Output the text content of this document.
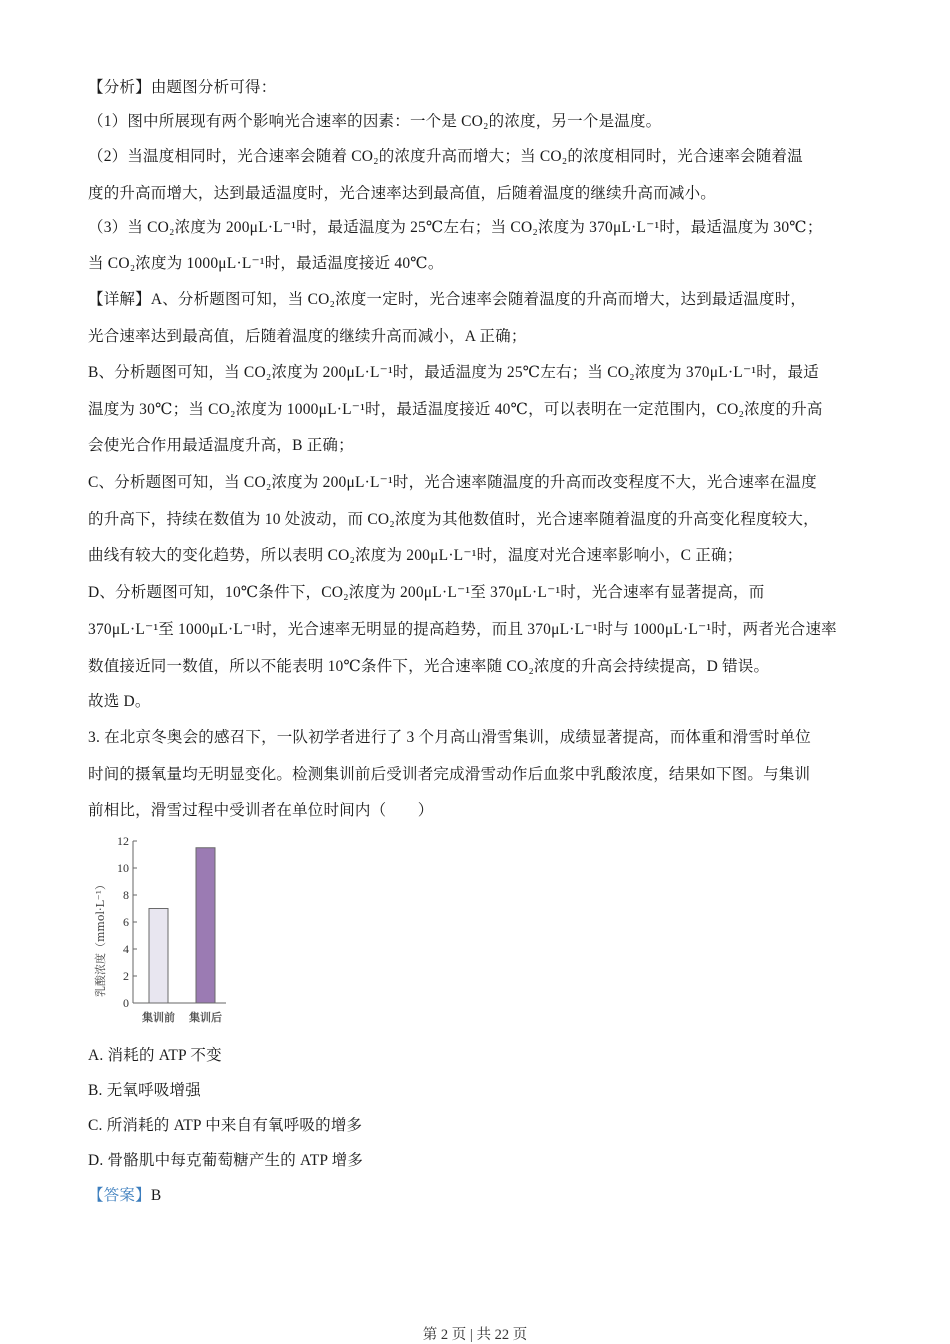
【分析】由题图分析可得：
（1）图中所展现有两个影响光合速率的因素：一个是 CO₂的浓度，另一个是温度。
（2）当温度相同时，光合速率会随着 CO₂的浓度升高而增大；当 CO₂的浓度相同时，光合速率会随着温
度的升高而增大，达到最适温度时，光合速率达到最高值，后随着温度的继续升高而减小。
（3）当 CO₂浓度为 200μL·L⁻¹时，最适温度为 25℃左右；当 CO₂浓度为 370μL·L⁻¹时，最适温度为 30℃；
当 CO₂浓度为 1000μL·L⁻¹时，最适温度接近 40℃。
【详解】A、分析题图可知，当 CO₂浓度一定时，光合速率会随着温度的升高而增大，达到最适温度时，
光合速率达到最高值，后随着温度的继续升高而减小，A 正确；
B、分析题图可知，当 CO₂浓度为 200μL·L⁻¹时，最适温度为 25℃左右；当 CO₂浓度为 370μL·L⁻¹时，最适
温度为 30℃；当 CO₂浓度为 1000μL·L⁻¹时，最适温度接近 40℃，可以表明在一定范围内，CO₂浓度的升高
会使光合作用最适温度升高，B 正确；
C、分析题图可知，当 CO₂浓度为 200μL·L⁻¹时，光合速率随温度的升高而改变程度不大，光合速率在温度
的升高下，持续在数值为 10 处波动，而 CO₂浓度为其他数值时，光合速率随着温度的升高变化程度较大，
曲线有较大的变化趋势，所以表明 CO₂浓度为 200μL·L⁻¹时，温度对光合速率影响小，C 正确；
D、分析题图可知，10℃条件下，CO₂浓度为 200μL·L⁻¹至 370μL·L⁻¹时，光合速率有显著提高，而
370μL·L⁻¹至 1000μL·L⁻¹时，光合速率无明显的提高趋势，而且 370μL·L⁻¹时与 1000μL·L⁻¹时，两者光合速率
数值接近同一数值，所以不能表明 10℃条件下，光合速率随 CO₂浓度的升高会持续提高，D 错误。
故选 D。
3. 在北京冬奥会的感召下，一队初学者进行了 3 个月高山滑雪集训，成绩显著提高，而体重和滑雪时单位
时间的摄氧量均无明显变化。检测集训前后受训者完成滑雪动作后血浆中乳酸浓度，结果如下图。与集训
前相比，滑雪过程中受训者在单位时间内（　　）
乳酸浓度（mmol·L⁻¹）
0
2
4
6
8
10
12
集训前 集训后
A. 消耗的 ATP 不变
B. 无氧呼吸增强
C. 所消耗的 ATP 中来自有氧呼吸的增多
D. 骨骼肌中每克葡萄糖产生的 ATP 增多
【答案】B
第 2 页 | 共 22 页
